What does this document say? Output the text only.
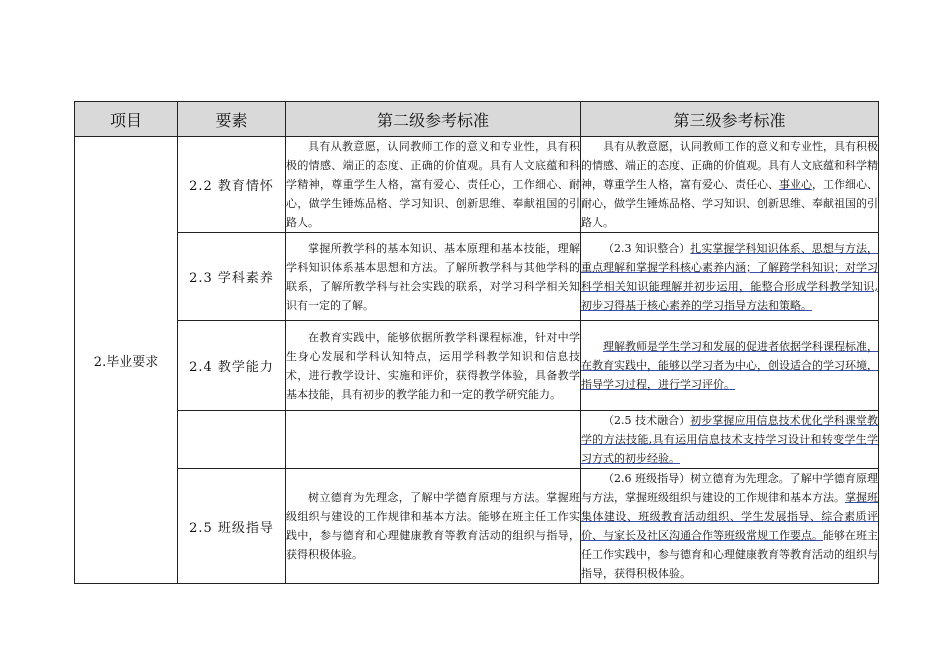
项目	要素	第二级参考标准	第三级参考标准
2.毕业要求	2.2 教育情怀	具有从教意愿，认同教师工作的意义和专业性，具有积极的情感、端正的态度、正确的价值观。具有人文底蕴和科学精神，尊重学生人格，富有爱心、责任心，工作细心、耐心，做学生锤炼品格、学习知识、创新思维、奉献祖国的引路人。	具有从教意愿，认同教师工作的意义和专业性，具有积极的情感、端正的态度、正确的价值观。具有人文底蕴和科学精神，尊重学生人格，富有爱心、责任心、事业心，工作细心、耐心，做学生锤炼品格、学习知识、创新思维、奉献祖国的引路人。

	2.3 学科素养	掌握所教学科的基本知识、基本原理和基本技能，理解学科知识体系基本思想和方法。了解所教学科与其他学科的联系，了解所教学科与社会实践的联系，对学习科学相关知识有一定的了解。	（2.3 知识整合）扎实掌握学科知识体系、思想与方法，重点理解和掌握学科核心素养内涵；了解跨学科知识；对学习科学相关知识能理解并初步运用，能整合形成学科教学知识,初步习得基于核心素养的学习指导方法和策略。

	2.4 教学能力	在教育实践中，能够依据所教学科课程标准，针对中学生身心发展和学科认知特点，运用学科教学知识和信息技术，进行教学设计、实施和评价，获得教学体验，具备教学基本技能，具有初步的教学能力和一定的教学研究能力。	理解教师是学生学习和发展的促进者依据学科课程标准，在教育实践中，能够以学习者为中心，创设适合的学习环境，指导学习过程，进行学习评价。

			（2.5 技术融合）初步掌握应用信息技术优化学科课堂教学的方法技能,具有运用信息技术支持学习设计和转变学生学习方式的初步经验。

	2.5 班级指导	树立德育为先理念，了解中学德育原理与方法。掌握班级组织与建设的工作规律和基本方法。能够在班主任工作实践中，参与德育和心理健康教育等教育活动的组织与指导，获得积极体验。	（2.6 班级指导）树立德育为先理念。了解中学德育原理与方法，掌握班级组织与建设的工作规律和基本方法。掌握班集体建设、班级教育活动组织、学生发展指导、综合素质评价、与家长及社区沟通合作等班级常规工作要点。能够在班主任工作实践中，参与德育和心理健康教育等教育活动的组织与指导，获得积极体验。
